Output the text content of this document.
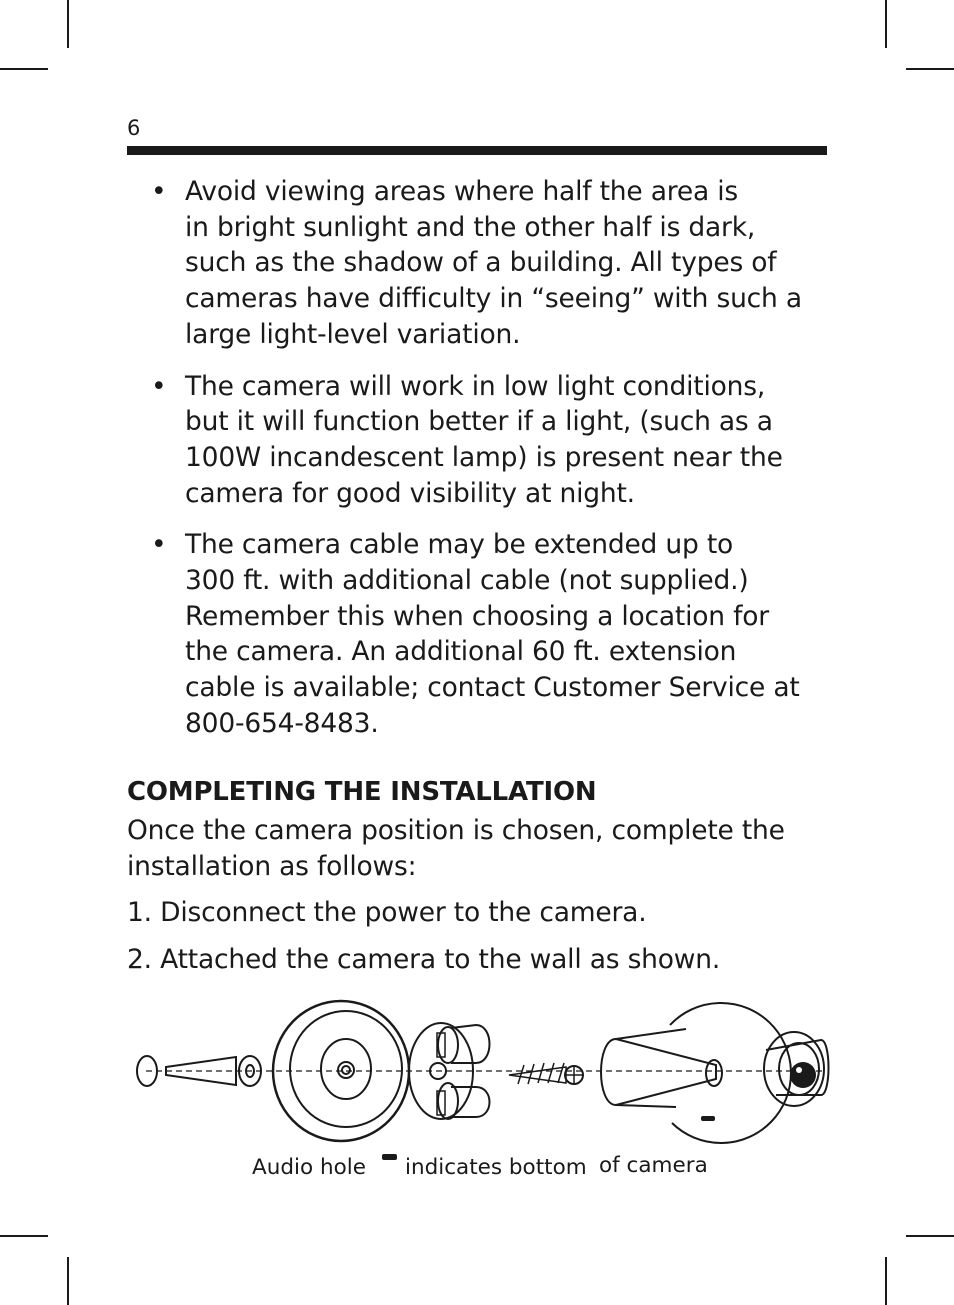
6
• Avoid viewing areas where half the area is
in bright sunlight and the other half is dark,
such as the shadow of a building. All types of
cameras have difficulty in “seeing” with such a
large light-level variation.
• The camera will work in low light conditions,
but it will function better if a light, (such as a
100W incandescent lamp) is present near the
camera for good visibility at night.
• The camera cable may be extended up to
300 ft. with additional cable (not supplied.)
Remember this when choosing a location for
the camera. An additional 60 ft. extension
cable is available; contact Customer Service at
800-654-8483.
COMPLETING THE INSTALLATION
Once the camera position is chosen, complete the
installation as follows:
1. Disconnect the power to the camera.
2. Attached the camera to the wall as shown.
Audio hole indicates bottom of camera
